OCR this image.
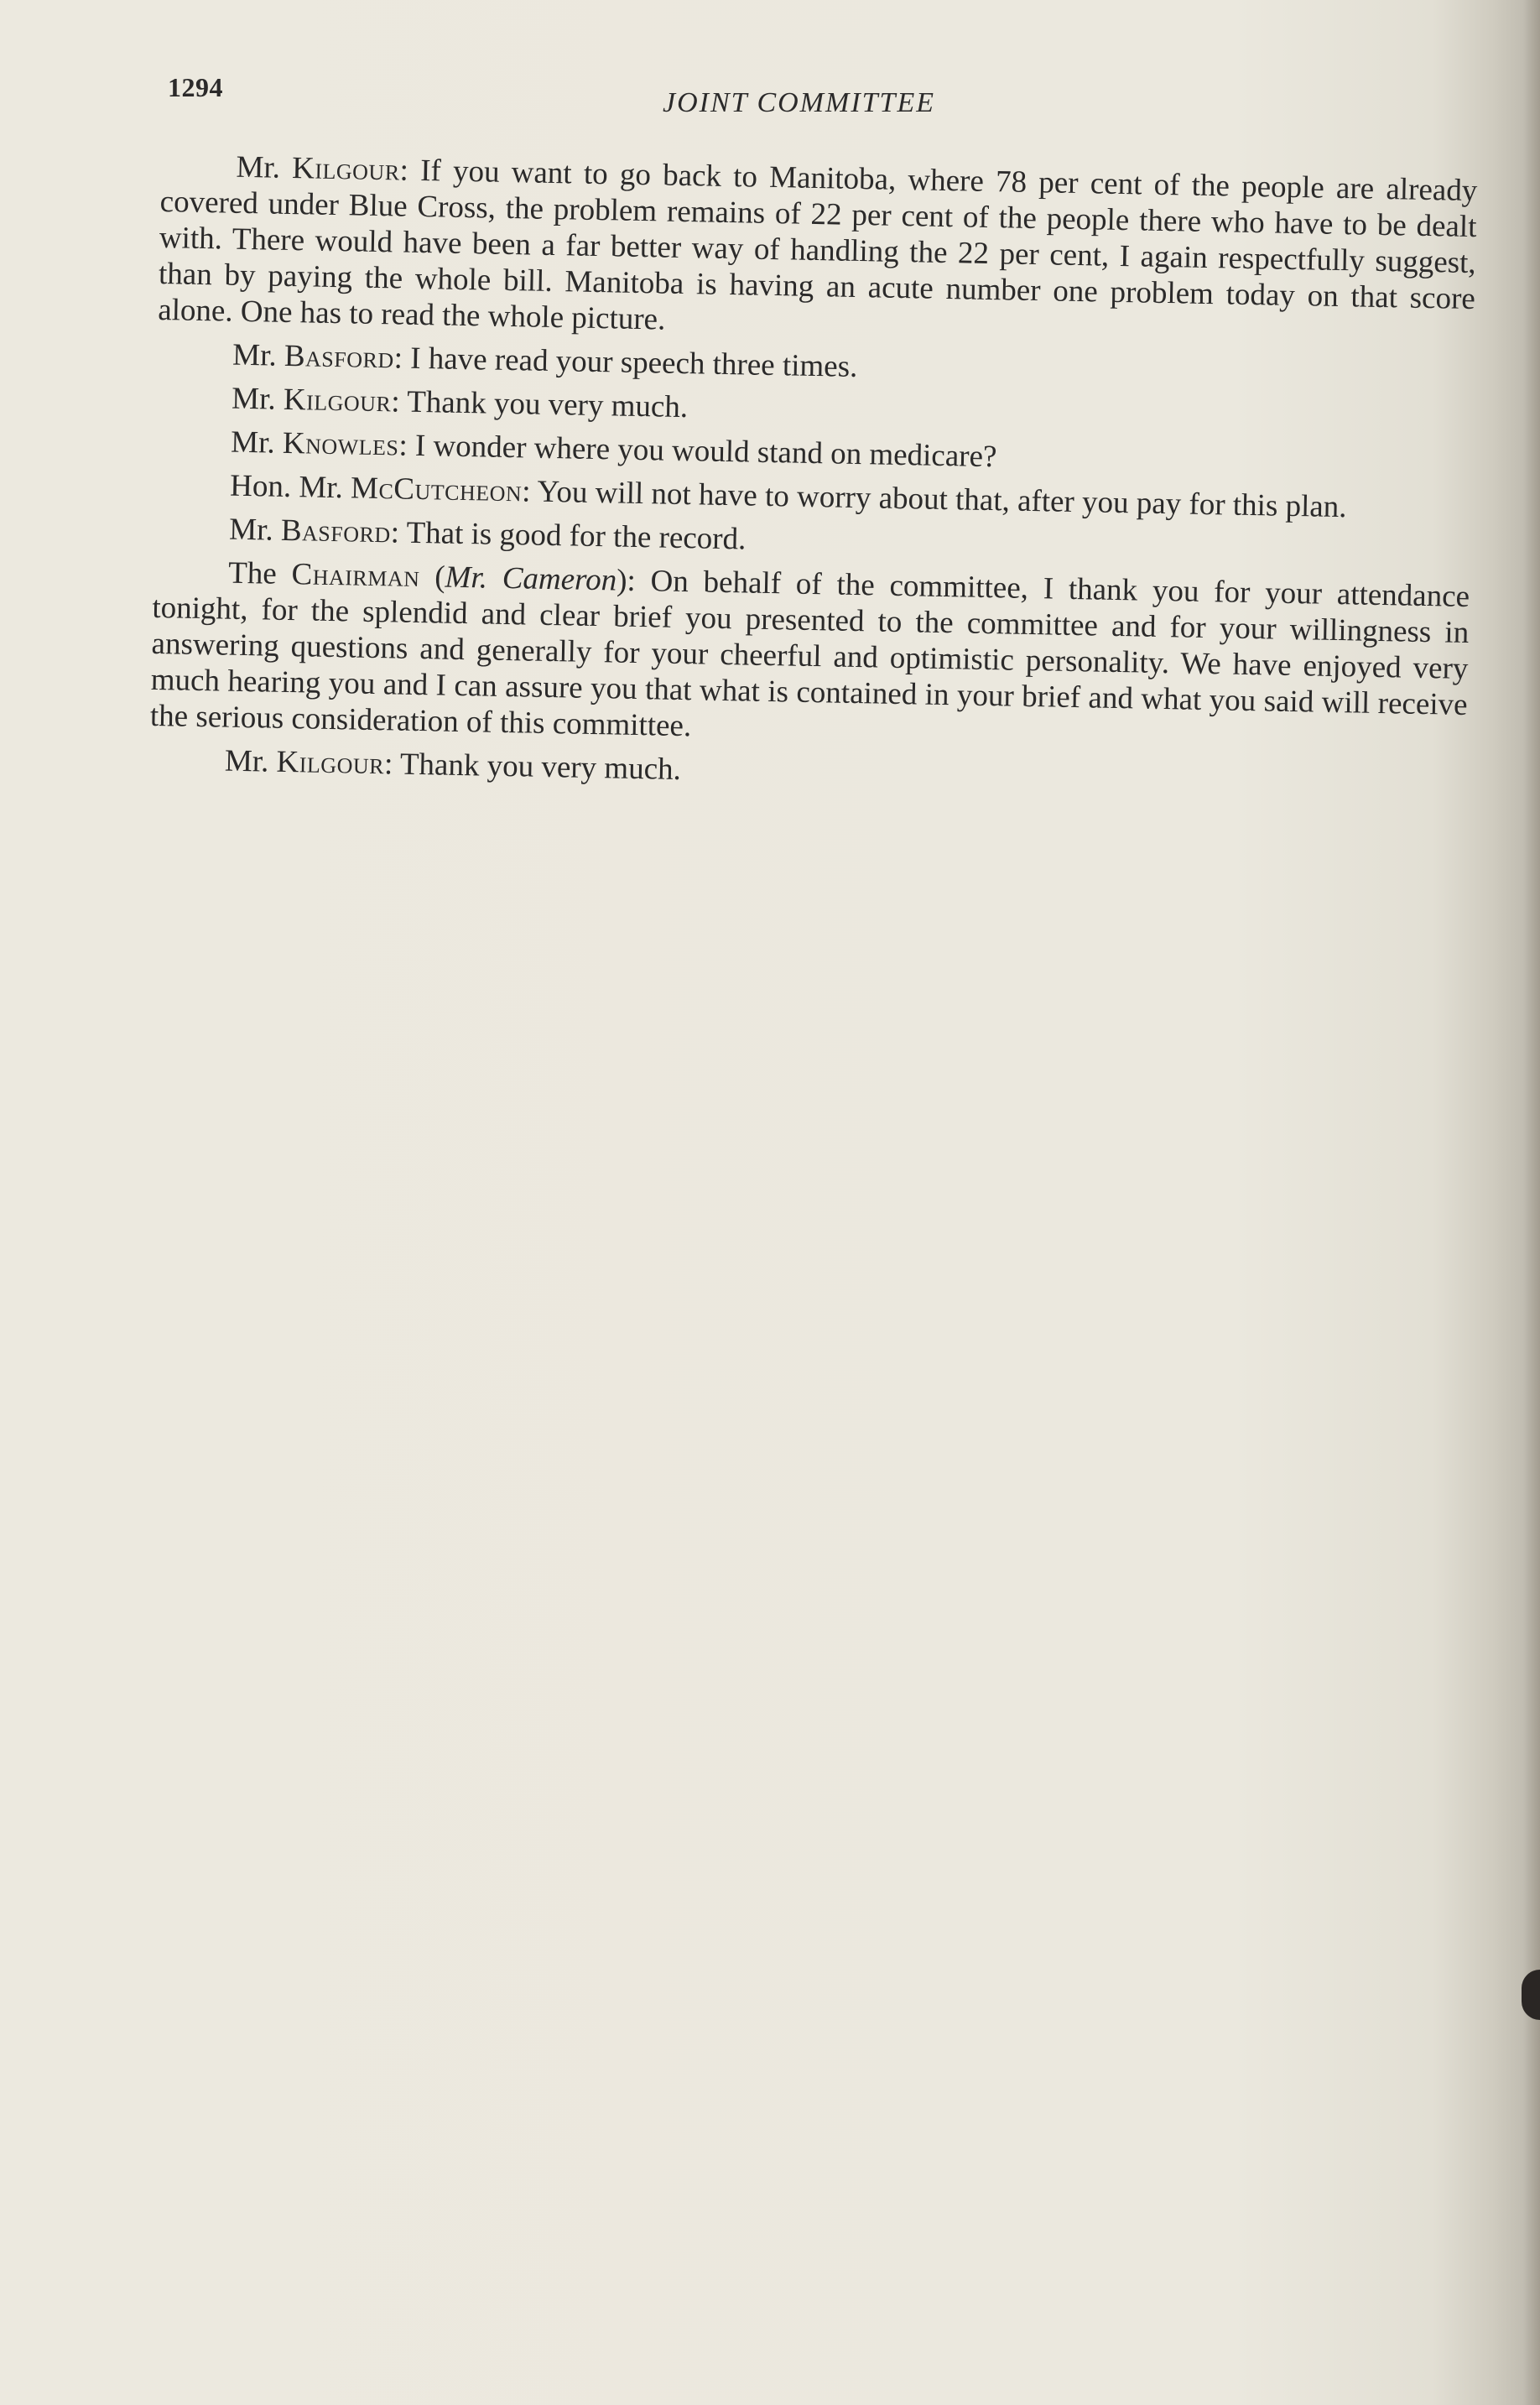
1294	JOINT COMMITTEE

Mr. Kilgour: If you want to go back to Manitoba, where 78 per cent of the people are already covered under Blue Cross, the problem remains of 22 per cent of the people there who have to be dealt with. There would have been a far better way of handling the 22 per cent, I again respectfully suggest, than by paying the whole bill. Manitoba is having an acute number one problem today on that score alone. One has to read the whole picture.

Mr. Basford: I have read your speech three times.

Mr. Kilgour: Thank you very much.

Mr. Knowles: I wonder where you would stand on medicare?

Hon. Mr. McCutcheon: You will not have to worry about that, after you pay for this plan.

Mr. Basford: That is good for the record.

The Chairman (Mr. Cameron): On behalf of the committee, I thank you for your attendance tonight, for the splendid and clear brief you presented to the committee and for your willingness in answering questions and generally for your cheerful and optimistic personality. We have enjoyed very much hearing you and I can assure you that what is contained in your brief and what you said will receive the serious consideration of this committee.

Mr. Kilgour: Thank you very much.
